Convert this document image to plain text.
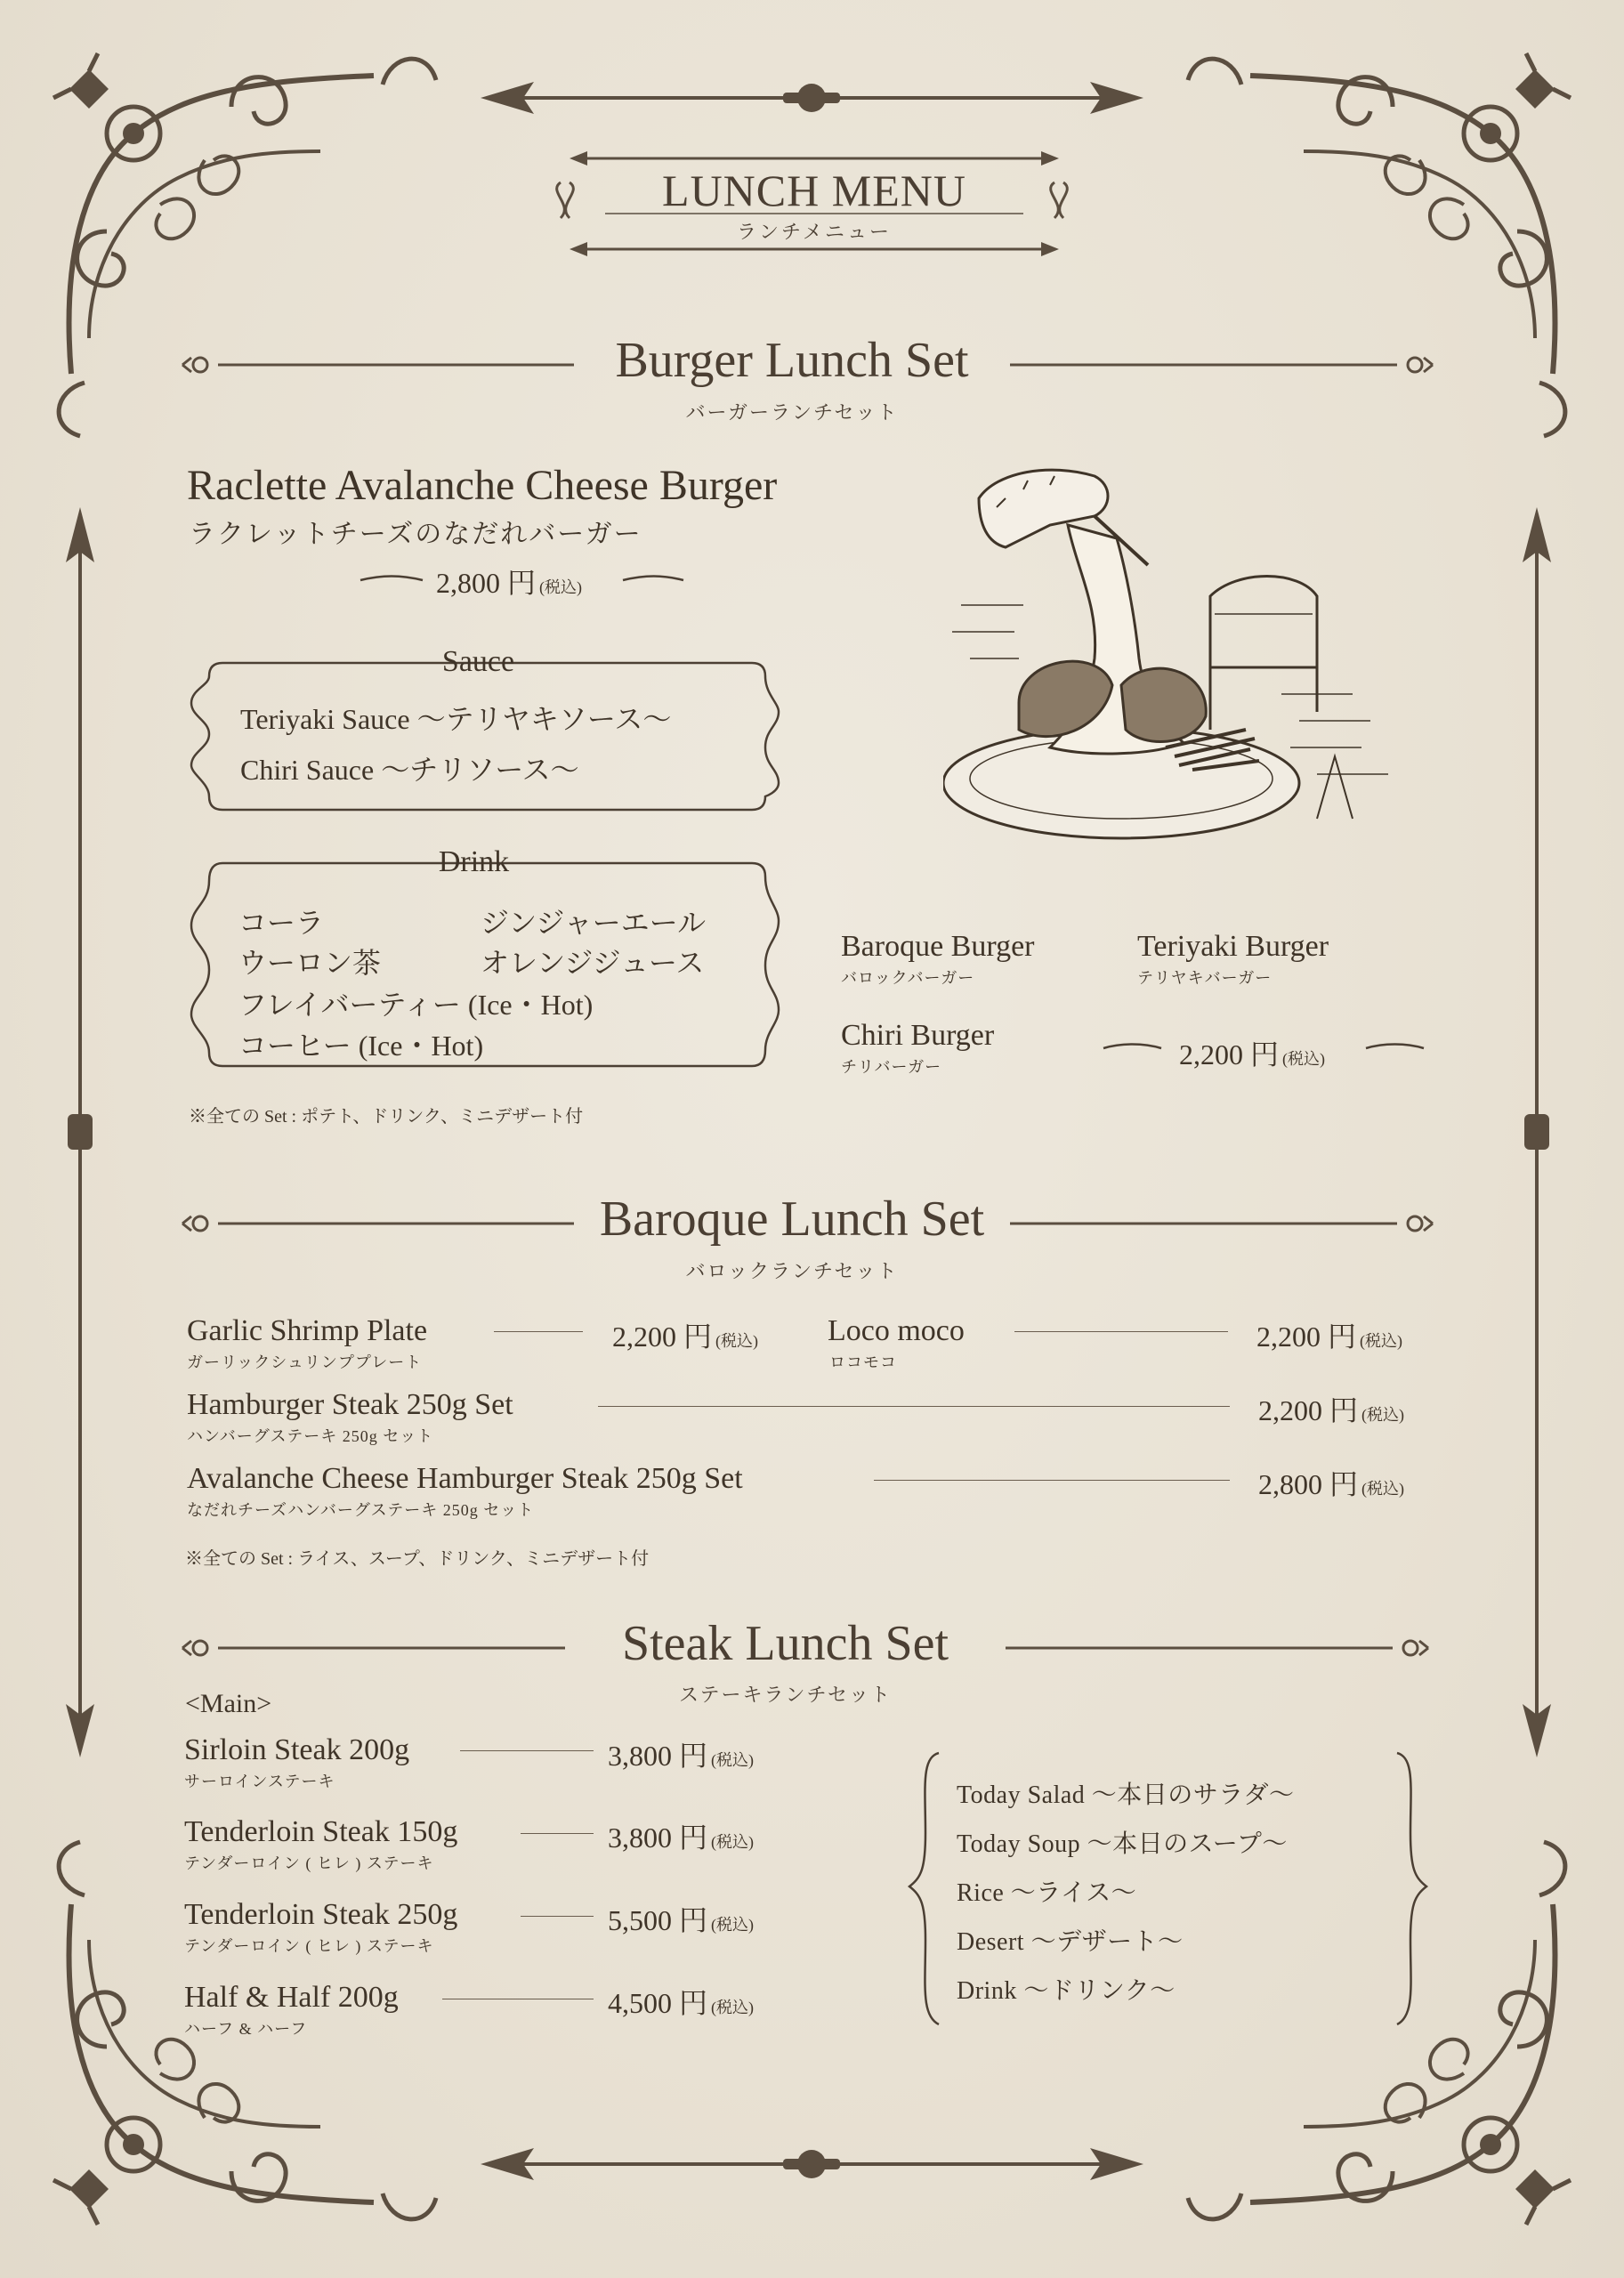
LUNCH MENU
ランチメニュー
Burger Lunch Set
バーガーランチセット
Raclette Avalanche Cheese Burger
ラクレットチーズのなだれバーガー
2,800 円 (税込)
Sauce
Teriyaki Sauce 〜テリヤキソース〜
Chiri Sauce 〜チリソース〜
Drink
コーラ	ジンジャーエール
ウーロン茶	オレンジジュース
フレイバーティー (Ice・Hot)
コーヒー (Ice・Hot)
※全ての Set : ポテト、ドリンク、ミニデザート付
Baroque Burger
バロックバーガー
Teriyaki Burger
テリヤキバーガー
Chiri Burger
チリバーガー	2,200 円 (税込)
Baroque Lunch Set
バロックランチセット
Garlic Shrimp Plate
ガーリックシュリンププレート
2,200 円 (税込) Loco moco
ロコモコ
2,200 円 (税込)
Hamburger Steak 250g Set
ハンバーグステーキ 250g セット
2,200 円 (税込)
Avalanche Cheese Hamburger Steak 250g Set
なだれチーズハンバーグステーキ 250g セット
2,800 円 (税込)
※全ての Set : ライス、スープ、ドリンク、ミニデザート付
Steak Lunch Set
ステーキランチセット
<Main>
Sirloin Steak 200g
サーロインステーキ
3,800 円 (税込)
Tenderloin Steak 150g
テンダーロイン ( ヒレ ) ステーキ
3,800 円 (税込)
Tenderloin Steak 250g
テンダーロイン ( ヒレ ) ステーキ
5,500 円 (税込)
Half & Half 200g
ハーフ & ハーフ
4,500 円 (税込)
Today Salad 〜本日のサラダ〜
Today Soup 〜本日のスープ〜
Rice 〜ライス〜
Desert 〜デザート〜
Drink 〜ドリンク〜
